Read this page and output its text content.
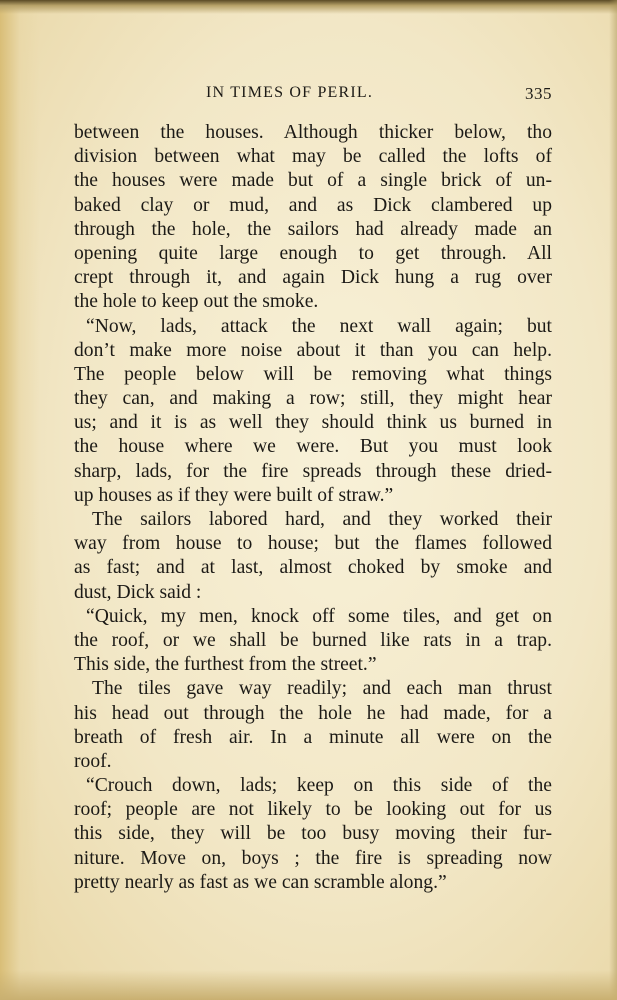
IN TIMES OF PERIL.	335
between the houses. Although thicker below, tho
division between what may be called the lofts of
the houses were made but of a single brick of un-
baked clay or mud, and as Dick clambered up
through the hole, the sailors had already made an
opening quite large enough to get through. All
crept through it, and again Dick hung a rug over
the hole to keep out the smoke.
“Now, lads, attack the next wall again; but
don’t make more noise about it than you can help.
The people below will be removing what things
they can, and making a row; still, they might hear
us; and it is as well they should think us burned in
the house where we were. But you must look
sharp, lads, for the fire spreads through these dried-
up houses as if they were built of straw.”
The sailors labored hard, and they worked their
way from house to house; but the flames followed
as fast; and at last, almost choked by smoke and
dust, Dick said :
“Quick, my men, knock off some tiles, and get on
the roof, or we shall be burned like rats in a trap.
This side, the furthest from the street.”
The tiles gave way readily; and each man thrust
his head out through the hole he had made, for a
breath of fresh air. In a minute all were on the
roof.
“Crouch down, lads; keep on this side of the
roof; people are not likely to be looking out for us
this side, they will be too busy moving their fur-
niture. Move on, boys ; the fire is spreading now
pretty nearly as fast as we can scramble along.”
